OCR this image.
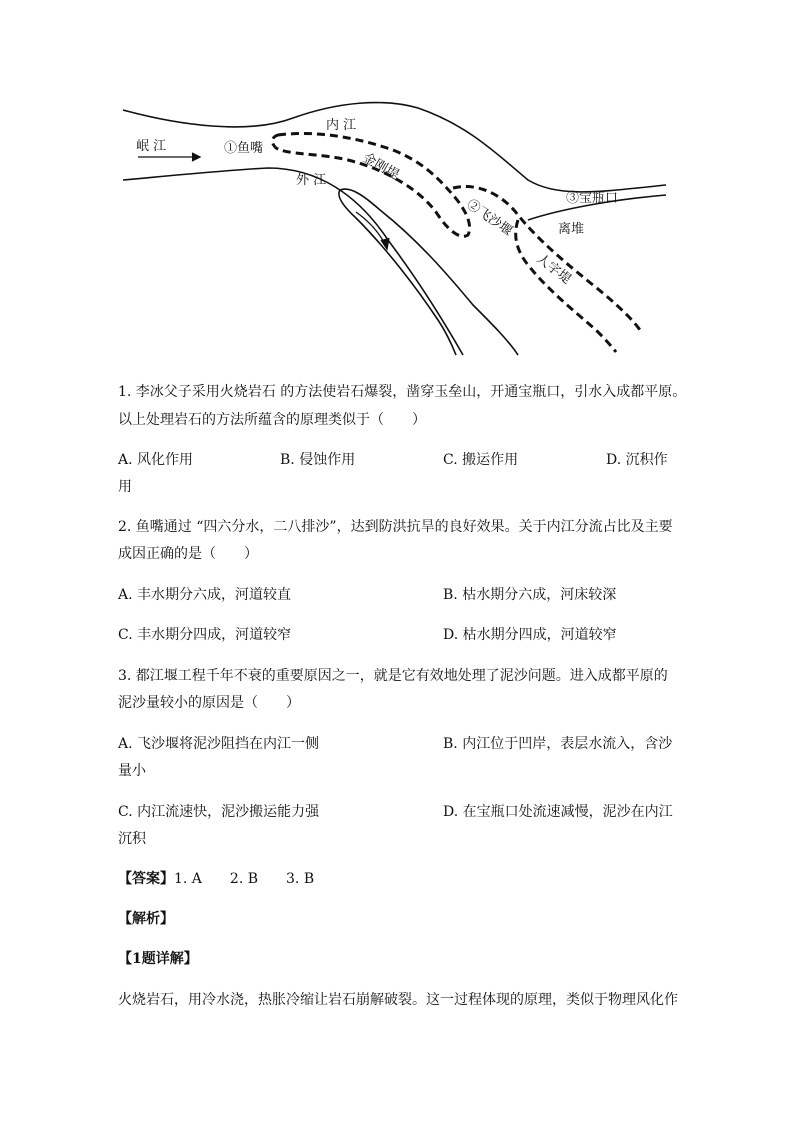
岷 江
内 江
外 江
①鱼嘴
金刚堤
②飞沙堰	③宝瓶口
离堆
人字堤
1. 李冰父子采用火烧岩石 的方法使岩石爆裂，凿穿玉垒山，开通宝瓶口，引水入成都平原。
以上处理岩石的方法所蕴含的原理类似于（　　）
A. 风化作用	B. 侵蚀作用	C. 搬运作用	D. 沉积作
用
2. 鱼嘴通过 “四六分水，二八排沙”，达到防洪抗旱的良好效果。关于内江分流占比及主要
成因正确的是（　　）
A. 丰水期分六成，河道较直	B. 枯水期分六成，河床较深
C. 丰水期分四成，河道较窄	D. 枯水期分四成，河道较窄
3. 都江堰工程千年不衰的重要原因之一，就是它有效地处理了泥沙问题。进入成都平原的
泥沙量较小的原因是（　　）
A. 飞沙堰将泥沙阻挡在内江一侧	B. 内江位于凹岸，表层水流入，含沙
量小
C. 内江流速快，泥沙搬运能力强	D. 在宝瓶口处流速减慢，泥沙在内江
沉积
【答案】1. A　　2. B　　3. B
【解析】
【1题详解】
火烧岩石，用冷水浇，热胀冷缩让岩石崩解破裂。这一过程体现的原理，类似于物理风化作
